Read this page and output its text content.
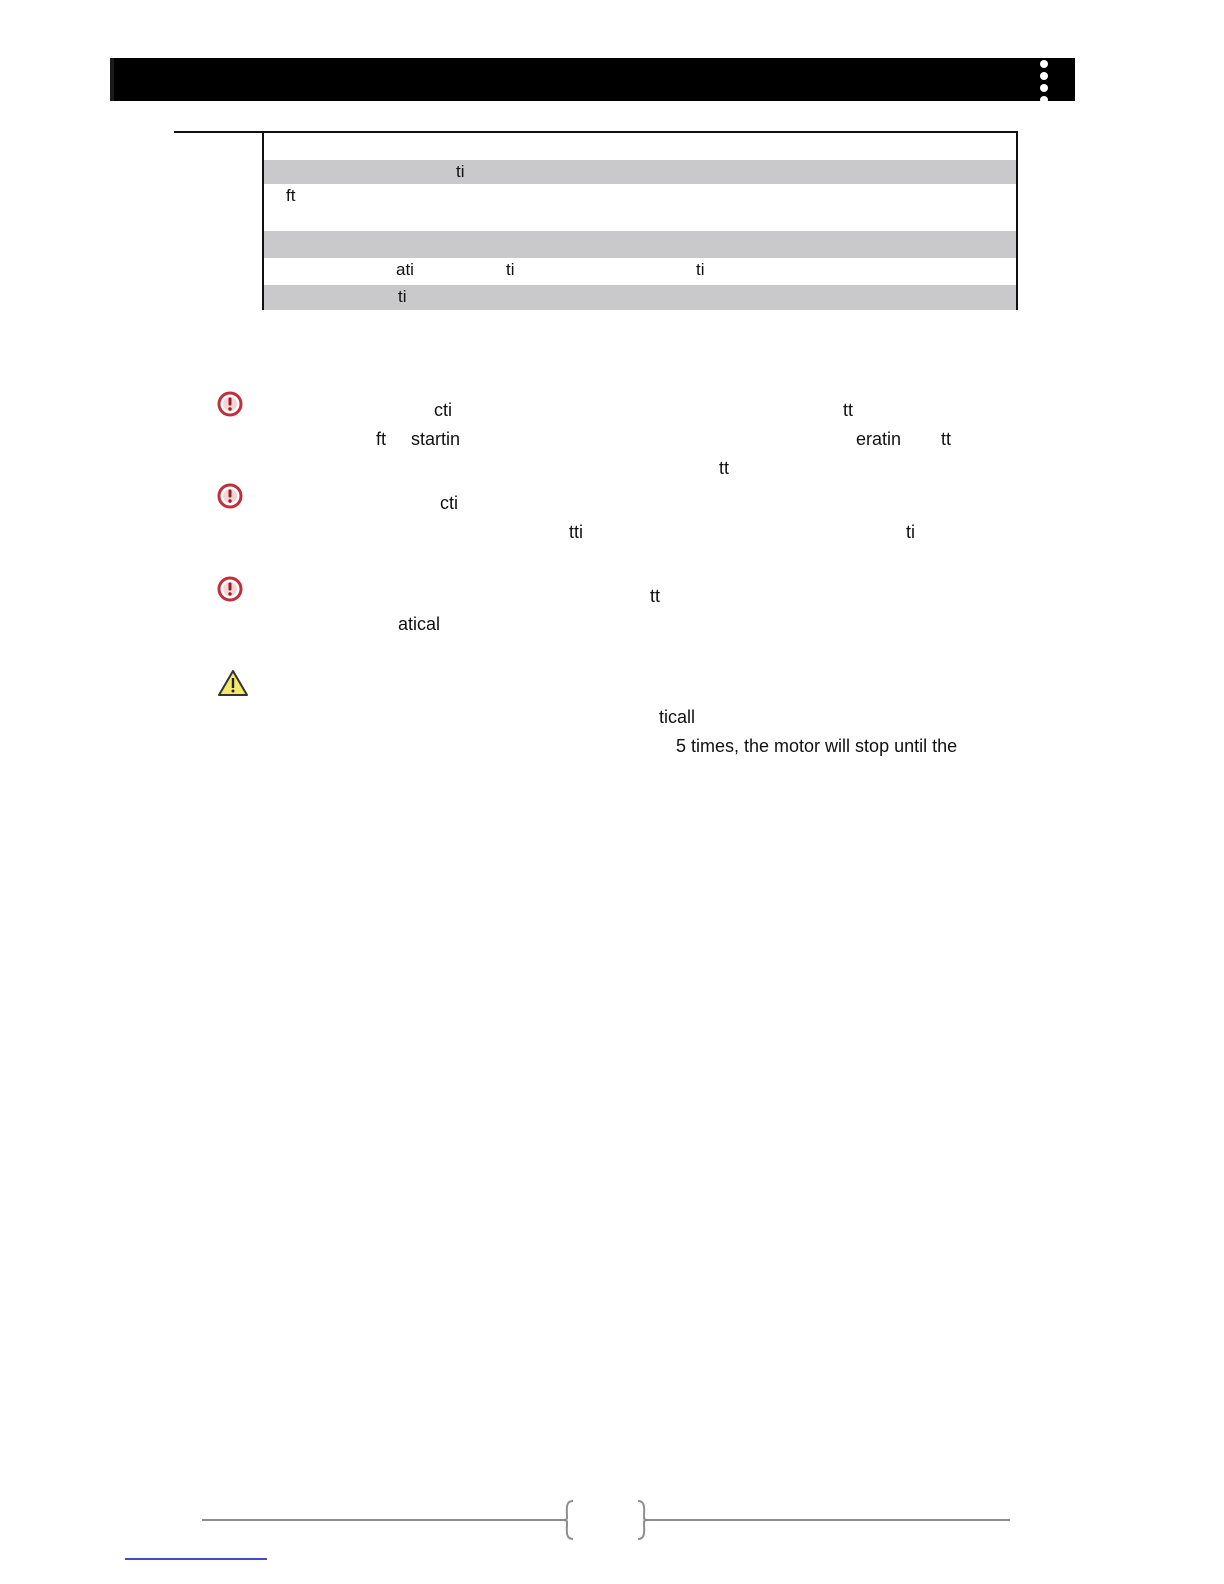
ti
ft
ati	ti	ti
ti
cti	tt
ft startin	eratin tt
tt
cti
tti	ti
tt
atical
ticall
5 times, the motor will stop until the
